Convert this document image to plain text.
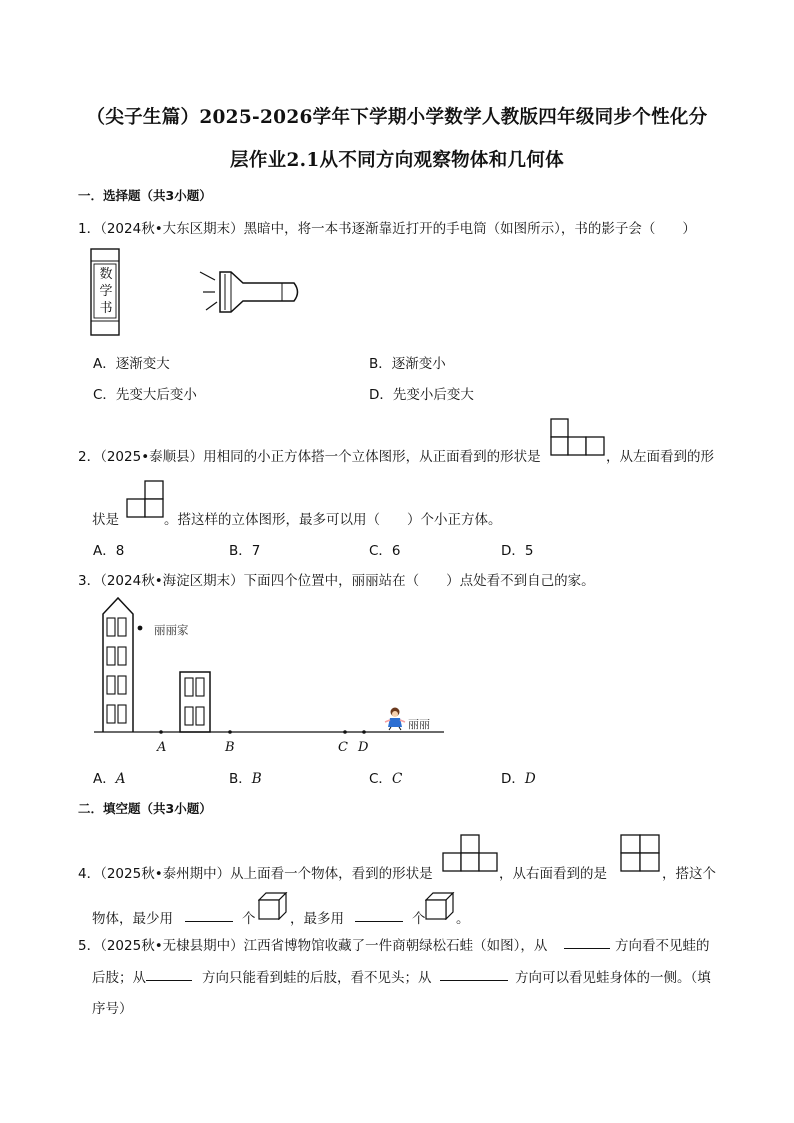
（尖子生篇）2025-2026学年下学期小学数学人教版四年级同步个性化分
层作业2.1从不同方向观察物体和几何体
一．选择题（共3小题）
1．（2024秋•大东区期末）黑暗中，将一本书逐渐靠近打开的手电筒（如图所示），书的影子会（　　）
数
学
书
A．逐渐变大	B．逐渐变小
C．先变大后变小	D．先变小后变大
2．（2025•泰顺县）用相同的小正方体搭一个立体图形，从正面看到的形状是	，从左面看到的形
状是	。搭这样的立体图形，最多可以用（　　）个小正方体。
A．8	B．7	C．6	D．5
3．（2024秋•海淀区期末）下面四个位置中，丽丽站在（　　）点处看不到自己的家。
丽丽家
丽丽
A	B	C D
A．A	B．B	C．C	D．D
二．填空题（共3小题）
4．（2025秋•泰州期中）从上面看一个物体，看到的形状是	，从右面看到的是	，搭这个
物体，最少用	个	，最多用	个 。
5．（2025秋•无棣县期中）江西省博物馆收藏了一件商朝绿松石蛙（如图），从	方向看不见蛙的
后肢；从	方向只能看到蛙的后肢，看不见头；从	方向可以看见蛙身体的一侧。（填
序号）
